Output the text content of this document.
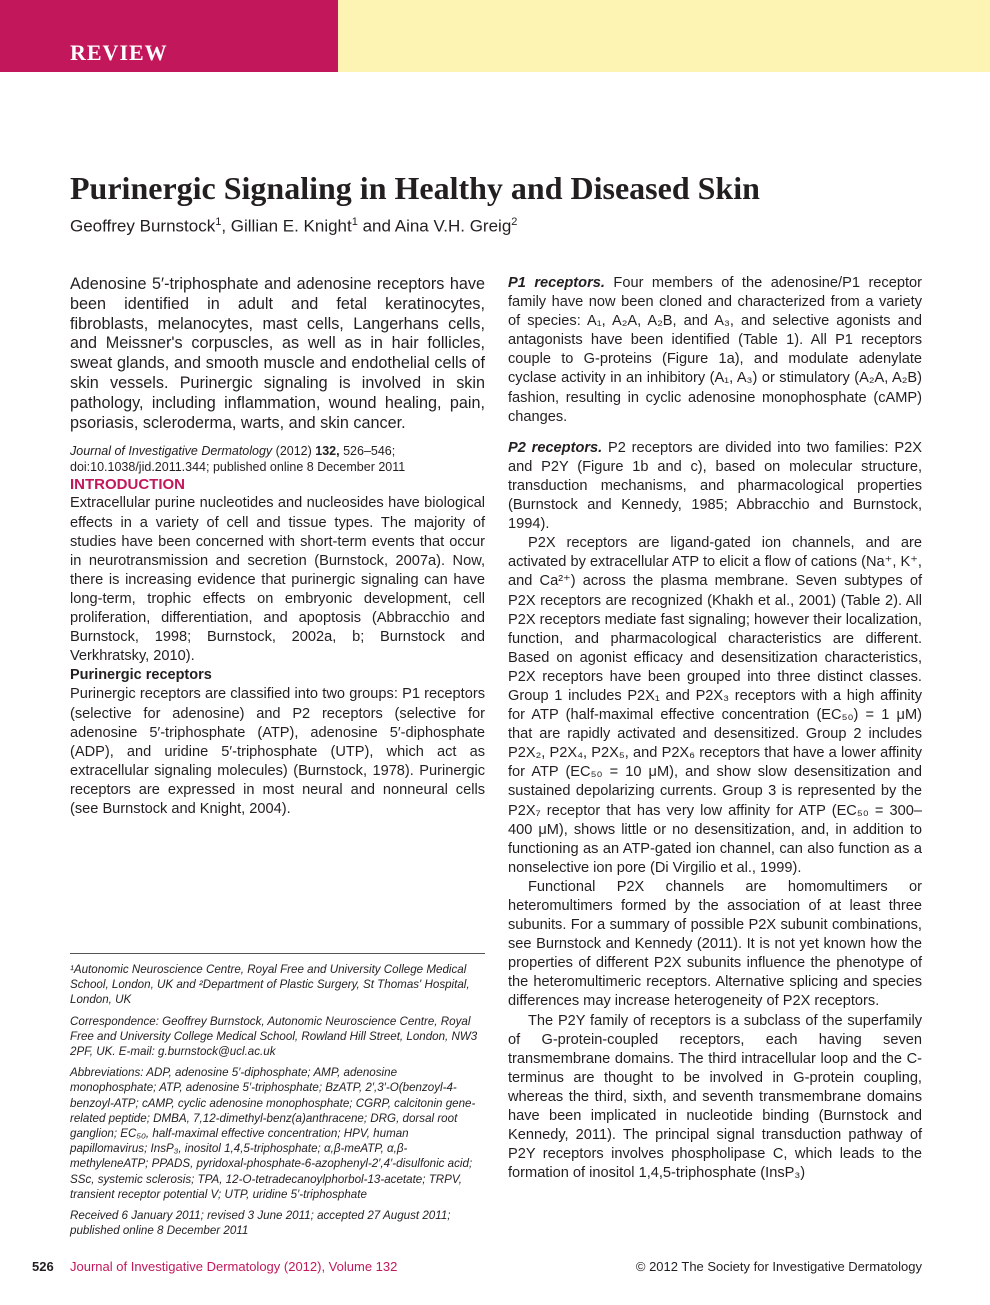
REVIEW
Purinergic Signaling in Healthy and Diseased Skin
Geoffrey Burnstock$^1$, Gillian E. Knight$^1$ and Aina V.H. Greig$^2$

Adenosine 5′-triphosphate and adenosine receptors have been identified in adult and fetal keratinocytes, fibroblasts, melanocytes, mast cells, Langerhans cells, and Meissner's corpuscles, as well as in hair follicles, sweat glands, and smooth muscle and endothelial cells of skin vessels. Purinergic signaling is involved in skin pathology, including inflammation, wound healing, pain, psoriasis, scleroderma, warts, and skin cancer.

Journal of Investigative Dermatology (2012) 132, 526–546;
doi:10.1038/jid.2011.344; published online 8 December 2011

INTRODUCTION

Extracellular purine nucleotides and nucleosides have biological effects in a variety of cell and tissue types. The majority of studies have been concerned with short-term events that occur in neurotransmission and secretion (Burnstock, 2007a). Now, there is increasing evidence that purinergic signaling can have long-term, trophic effects on embryonic development, cell proliferation, differentiation, and apoptosis (Abbracchio and Burnstock, 1998; Burnstock, 2002a, b; Burnstock and Verkhratsky, 2010).

Purinergic receptors

Purinergic receptors are classified into two groups: P1 receptors (selective for adenosine) and P2 receptors (selective for adenosine 5′-triphosphate (ATP), adenosine 5′-diphosphate (ADP), and uridine 5′-triphosphate (UTP), which act as extracellular signaling molecules) (Burnstock, 1978). Purinergic receptors are expressed in most neural and nonneural cells (see Burnstock and Knight, 2004).

¹Autonomic Neuroscience Centre, Royal Free and University College Medical School, London, UK and ²Department of Plastic Surgery, St Thomas' Hospital, London, UK

Correspondence: Geoffrey Burnstock, Autonomic Neuroscience Centre, Royal Free and University College Medical School, Rowland Hill Street, London, NW3 2PF, UK. E-mail: g.burnstock@ucl.ac.uk

Abbreviations: ADP, adenosine 5′-diphosphate; AMP, adenosine monophosphate; ATP, adenosine 5′-triphosphate; BzATP, 2′,3′-O(benzoyl-4-benzoyl-ATP; cAMP, cyclic adenosine monophosphate; CGRP, calcitonin gene-related peptide; DMBA, 7,12-dimethyl-benz(a)anthracene; DRG, dorsal root ganglion; EC₅₀, half-maximal effective concentration; HPV, human papillomavirus; InsP₃, inositol 1,4,5-triphosphate; α,β-meATP, α,β-methyleneATP; PPADS, pyridoxal-phosphate-6-azophenyl-2′,4′-disulfonic acid; SSc, systemic sclerosis; TPA, 12-O-tetradecanoylphorbol-13-acetate; TRPV, transient receptor potential V; UTP, uridine 5′-triphosphate

Received 6 January 2011; revised 3 June 2011; accepted 27 August 2011; published online 8 December 2011

P1 receptors. Four members of the adenosine/P1 receptor family have now been cloned and characterized from a variety of species: A₁, A₂A, A₂B, and A₃, and selective agonists and antagonists have been identified (Table 1). All P1 receptors couple to G-proteins (Figure 1a), and modulate adenylate cyclase activity in an inhibitory (A₁, A₃) or stimulatory (A₂A, A₂B) fashion, resulting in cyclic adenosine monophosphate (cAMP) changes.

P2 receptors. P2 receptors are divided into two families: P2X and P2Y (Figure 1b and c), based on molecular structure, transduction mechanisms, and pharmacological properties (Burnstock and Kennedy, 1985; Abbracchio and Burnstock, 1994).

P2X receptors are ligand-gated ion channels, and are activated by extracellular ATP to elicit a flow of cations (Na⁺, K⁺, and Ca²⁺) across the plasma membrane. Seven subtypes of P2X receptors are recognized (Khakh et al., 2001) (Table 2). All P2X receptors mediate fast signaling; however their localization, function, and pharmacological characteristics are different. Based on agonist efficacy and desensitization characteristics, P2X receptors have been grouped into three distinct classes. Group 1 includes P2X₁ and P2X₃ receptors with a high affinity for ATP (half-maximal effective concentration (EC₅₀) = 1 μM) that are rapidly activated and desensitized. Group 2 includes P2X₂, P2X₄, P2X₅, and P2X₆ receptors that have a lower affinity for ATP (EC₅₀ = 10 μM), and show slow desensitization and sustained depolarizing currents. Group 3 is represented by the P2X₇ receptor that has very low affinity for ATP (EC₅₀ = 300–400 μM), shows little or no desensitization, and, in addition to functioning as an ATP-gated ion channel, can also function as a nonselective ion pore (Di Virgilio et al., 1999).

Functional P2X channels are homomultimers or heteromultimers formed by the association of at least three subunits. For a summary of possible P2X subunit combinations, see Burnstock and Kennedy (2011). It is not yet known how the properties of different P2X subunits influence the phenotype of the heteromultimeric receptors. Alternative splicing and species differences may increase heterogeneity of P2X receptors.

The P2Y family of receptors is a subclass of the superfamily of G-protein-coupled receptors, each having seven transmembrane domains. The third intracellular loop and the C-terminus are thought to be involved in G-protein coupling, whereas the third, sixth, and seventh transmembrane domains have been implicated in nucleotide binding (Burnstock and Kennedy, 2011). The principal signal transduction pathway of P2Y receptors involves phospholipase C, which leads to the formation of inositol 1,4,5-triphosphate (InsP₃)

526 Journal of Investigative Dermatology (2012), Volume 132	© 2012 The Society for Investigative Dermatology
